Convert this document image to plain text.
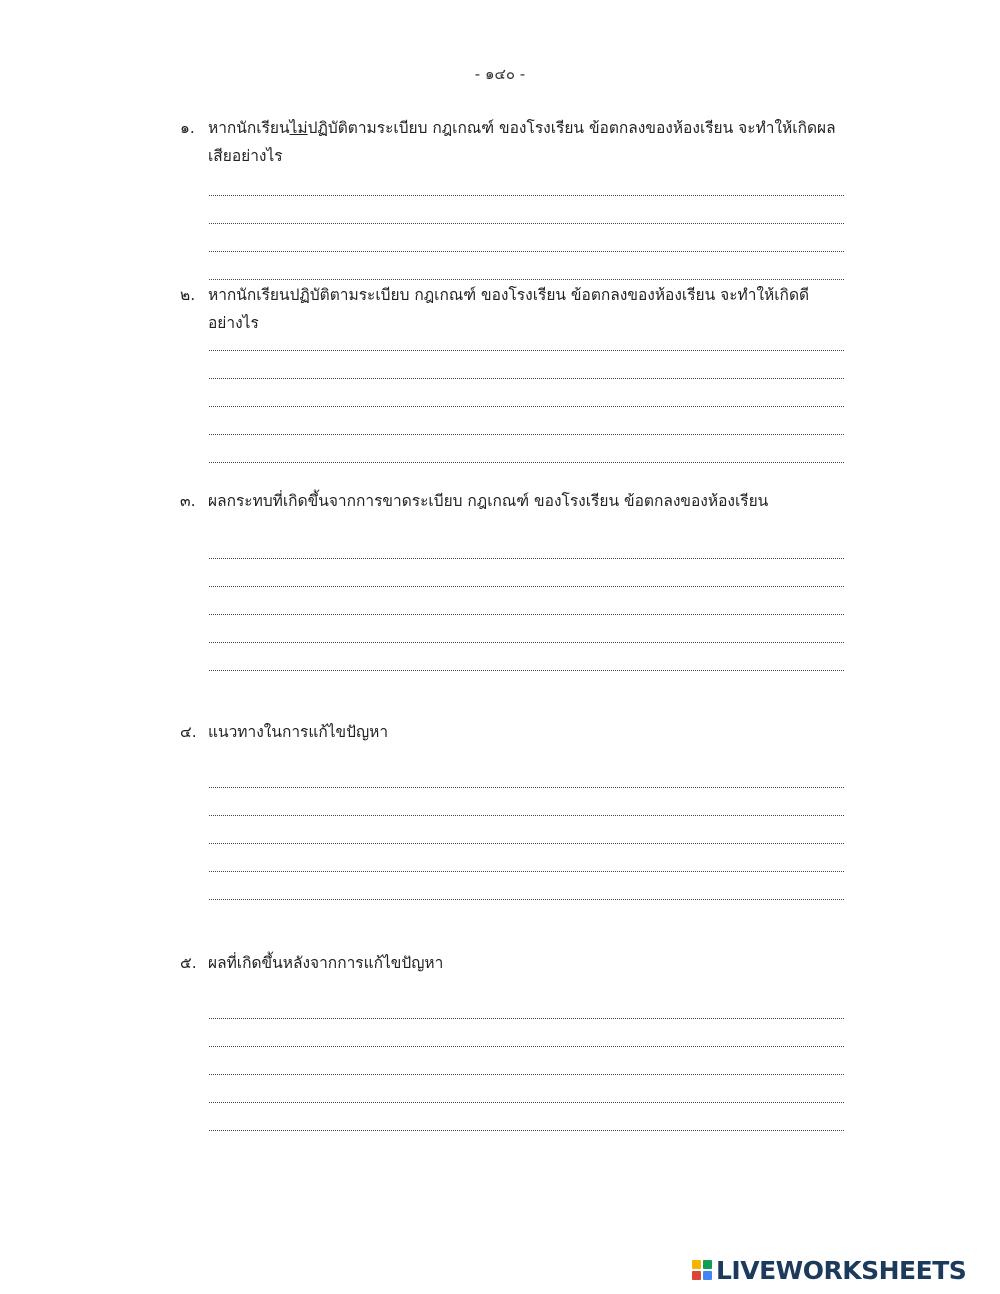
- ๑๔๐ -
๑. หากนักเรียนไม่ปฏิบัติตามระเบียบ กฎเกณฑ์ ของโรงเรียน ข้อตกลงของห้องเรียน จะทำให้เกิดผลเสียอย่างไร
๒. หากนักเรียนปฏิบัติตามระเบียบ กฎเกณฑ์ ของโรงเรียน ข้อตกลงของห้องเรียน จะทำให้เกิดดีอย่างไร
๓. ผลกระทบที่เกิดขึ้นจากการขาดระเบียบ กฎเกณฑ์ ของโรงเรียน ข้อตกลงของห้องเรียน
๔. แนวทางในการแก้ไขปัญหา
๕. ผลที่เกิดขึ้นหลังจากการแก้ไขปัญหา
LIVEWORKSHEETS
